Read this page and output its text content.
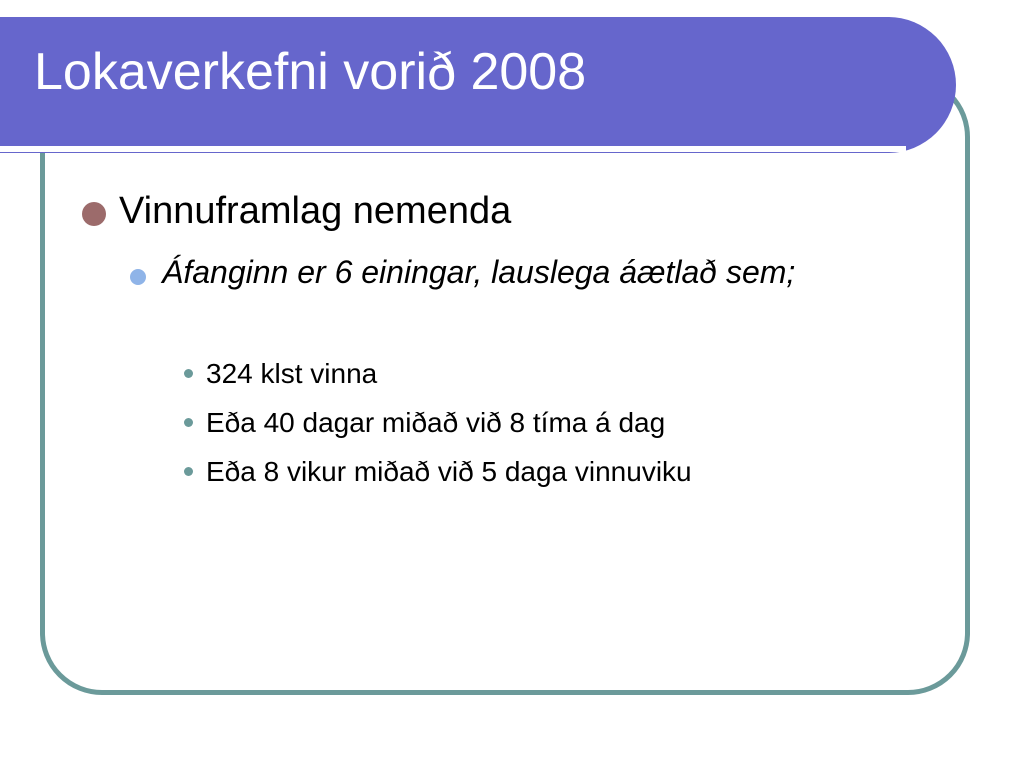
Lokaverkefni vorið 2008
Vinnuframlag nemenda
Áfanginn er 6 einingar, lauslega áætlað sem;
324 klst vinna
Eða 40 dagar miðað við 8 tíma á dag
Eða 8 vikur miðað við 5 daga vinnuviku
